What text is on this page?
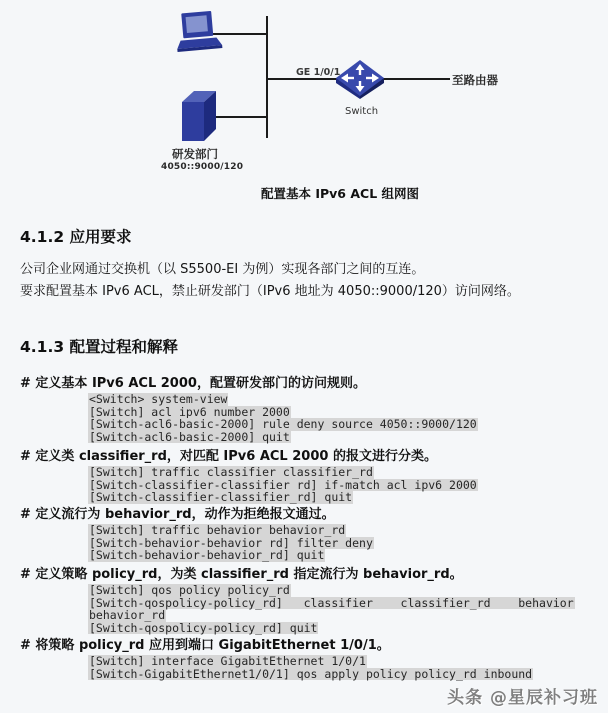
GE 1/0/1
至路由器
Switch
研发部门
4050::9000/120
配置基本 IPv6 ACL 组网图
4.1.2 应用要求
公司企业网通过交换机（以 S5500-EI 为例）实现各部门之间的互连。
要求配置基本 IPv6 ACL，禁止研发部门（IPv6 地址为 4050::9000/120）访问网络。
4.1.3 配置过程和解释
# 定义基本 IPv6 ACL 2000，配置研发部门的访问规则。
<Switch> system-view
[Switch] acl ipv6 number 2000
[Switch-acl6-basic-2000] rule deny source 4050::9000/120
[Switch-acl6-basic-2000] quit
# 定义类 classifier_rd，对匹配 IPv6 ACL 2000 的报文进行分类。
[Switch] traffic classifier classifier_rd
[Switch-classifier-classifier_rd] if-match acl ipv6 2000
[Switch-classifier-classifier_rd] quit
# 定义流行为 behavior_rd，动作为拒绝报文通过。
[Switch] traffic behavior behavior_rd
[Switch-behavior-behavior_rd] filter deny
[Switch-behavior-behavior_rd] quit
# 定义策略 policy_rd，为类 classifier_rd 指定流行为 behavior_rd。
[Switch] qos policy policy_rd
[Switch-qospolicy-policy_rd]   classifier    classifier_rd    behavior
behavior_rd
[Switch-qospolicy-policy_rd] quit
# 将策略 policy_rd 应用到端口 GigabitEthernet 1/0/1。
[Switch] interface GigabitEthernet 1/0/1
[Switch-GigabitEthernet1/0/1] qos apply policy policy_rd inbound
头条 @星辰补习班
